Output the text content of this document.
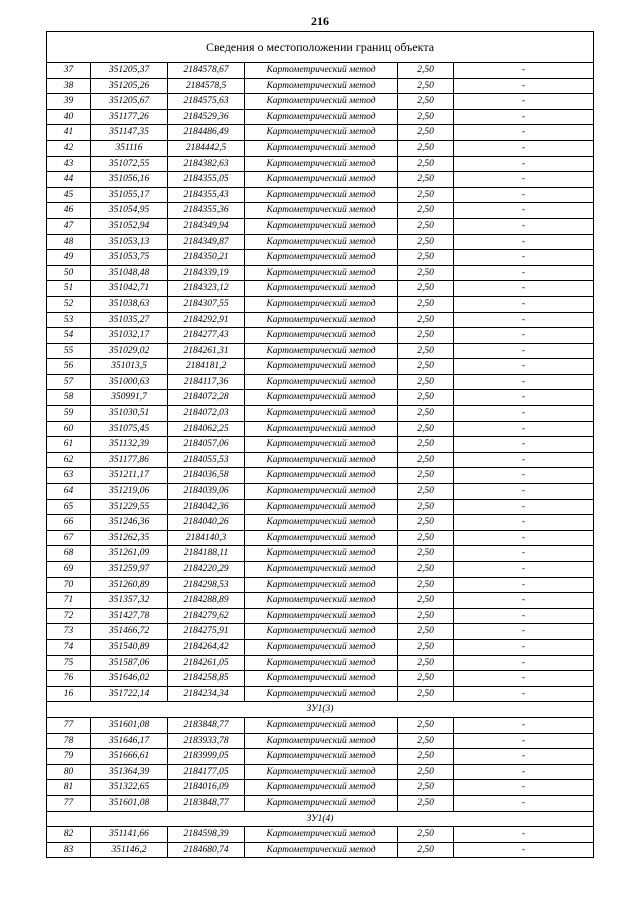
216
Сведения о местоположении границ объекта					
37	351205,37	2184578,67	Картометрический метод	2,50	-
38	351205,26	2184578,5	Картометрический метод	2,50	-
39	351205,67	2184575,63	Картометрический метод	2,50	-
40	351177,26	2184529,36	Картометрический метод	2,50	-
41	351147,35	2184486,49	Картометрический метод	2,50	-
42	351116	2184442,5	Картометрический метод	2,50	-
43	351072,55	2184382,63	Картометрический метод	2,50	-
44	351056,16	2184355,05	Картометрический метод	2,50	-
45	351055,17	2184355,43	Картометрический метод	2,50	-
46	351054,95	2184355,36	Картометрический метод	2,50	-
47	351052,94	2184349,94	Картометрический метод	2,50	-
48	351053,13	2184349,87	Картометрический метод	2,50	-
49	351053,75	2184350,21	Картометрический метод	2,50	-
50	351048,48	2184339,19	Картометрический метод	2,50	-
51	351042,71	2184323,12	Картометрический метод	2,50	-
52	351038,63	2184307,55	Картометрический метод	2,50	-
53	351035,27	2184292,91	Картометрический метод	2,50	-
54	351032,17	2184277,43	Картометрический метод	2,50	-
55	351029,02	2184261,31	Картометрический метод	2,50	-
56	351013,5	2184181,2	Картометрический метод	2,50	-
57	351000,63	2184117,36	Картометрический метод	2,50	-
58	350991,7	2184072,28	Картометрический метод	2,50	-
59	351030,51	2184072,03	Картометрический метод	2,50	-
60	351075,45	2184062,25	Картометрический метод	2,50	-
61	351132,39	2184057,06	Картометрический метод	2,50	-
62	351177,86	2184055,53	Картометрический метод	2,50	-
63	351211,17	2184036,58	Картометрический метод	2,50	-
64	351219,06	2184039,06	Картометрический метод	2,50	-
65	351229,55	2184042,36	Картометрический метод	2,50	-
66	351246,36	2184040,26	Картометрический метод	2,50	-
67	351262,35	2184140,3	Картометрический метод	2,50	-
68	351261,09	2184188,11	Картометрический метод	2,50	-
69	351259,97	2184220,29	Картометрический метод	2,50	-
70	351260,89	2184298,53	Картометрический метод	2,50	-
71	351357,32	2184288,89	Картометрический метод	2,50	-
72	351427,78	2184279,62	Картометрический метод	2,50	-
73	351466,72	2184275,91	Картометрический метод	2,50	-
74	351540,89	2184264,42	Картометрический метод	2,50	-
75	351587,06	2184261,05	Картометрический метод	2,50	-
76	351646,02	2184258,85	Картометрический метод	2,50	-
16	351722,14	2184234,34	Картометрический метод	2,50	-
ЗУ1(3)					
77	351601,08	2183848,77	Картометрический метод	2,50	-
78	351646,17	2183933,78	Картометрический метод	2,50	-
79	351666,61	2183999,05	Картометрический метод	2,50	-
80	351364,39	2184177,05	Картометрический метод	2,50	-
81	351322,65	2184016,09	Картометрический метод	2,50	-
77	351601,08	2183848,77	Картометрический метод	2,50	-
ЗУ1(4)					
82	351141,66	2184598,39	Картометрический метод	2,50	-
83	351146,2	2184680,74	Картометрический метод	2,50	-
